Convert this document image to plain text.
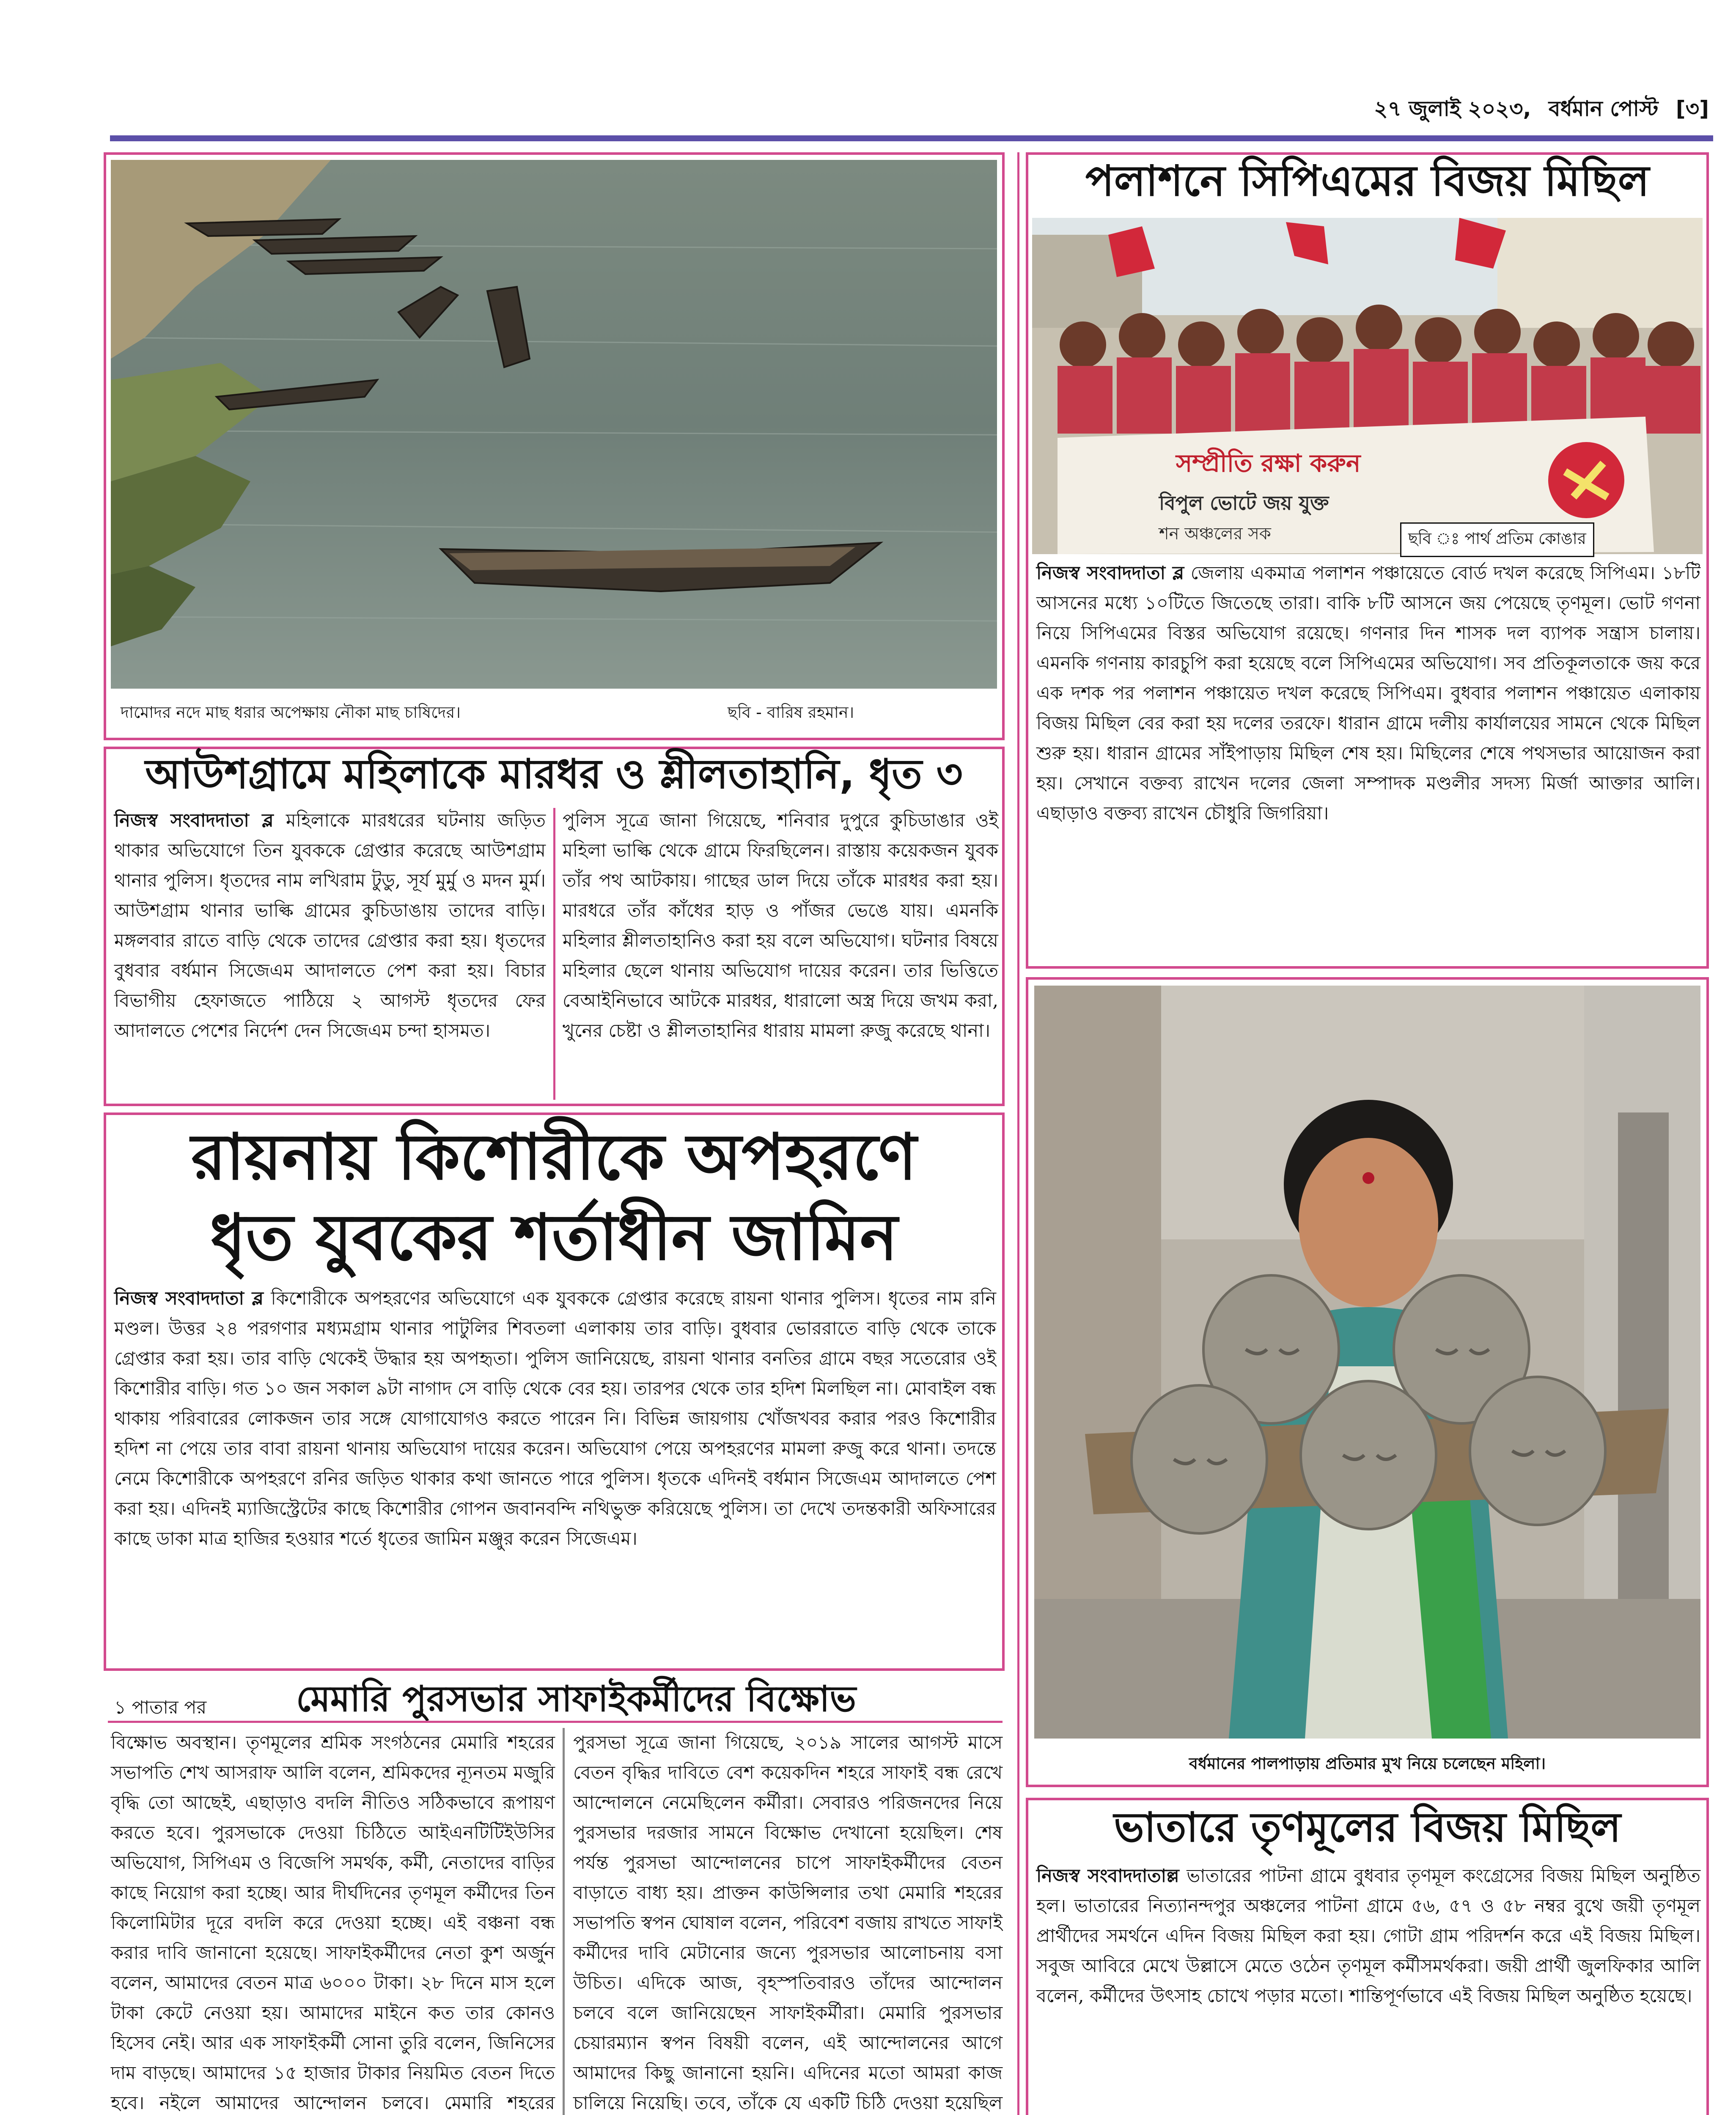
২৭ জুলাই ২০২৩, বর্ধমান পোস্ট [৩]
দামোদর নদে মাছ ধরার অপেক্ষায় নৌকা মাছ চাষিদের।	ছবি - বারিষ রহমান।
আউশগ্রামে মহিলাকে মারধর ও শ্লীলতাহানি, ধৃত ৩
নিজস্ব সংবাদদাতা ব্ল মহিলাকে মারধরের ঘটনায় জড়িত থাকার অভিযোগে তিন যুবককে গ্রেপ্তার করেছে আউশগ্রাম থানার পুলিস। ধৃতদের নাম লখিরাম টুডু, সূর্য মুর্মু ও মদন মুর্ম। আউশগ্রাম থানার ভাল্কি গ্রামের কুচিডাঙায় তাদের বাড়ি। মঙ্গলবার রাতে বাড়ি থেকে তাদের গ্রেপ্তার করা হয়। ধৃতদের বুধবার বর্ধমান সিজেএম আদালতে পেশ করা হয়। বিচার বিভাগীয় হেফাজতে পাঠিয়ে ২ আগস্ট ধৃতদের ফের আদালতে পেশের নির্দেশ দেন সিজেএম চন্দা হাসমত।
পুলিস সূত্রে জানা গিয়েছে, শনিবার দুপুরে কুচিডাঙার ওই মহিলা ভাল্কি থেকে গ্রামে ফিরছিলেন। রাস্তায় কয়েকজন যুবক তাঁর পথ আটকায়। গাছের ডাল দিয়ে তাঁকে মারধর করা হয়। মারধরে তাঁর কাঁধের হাড় ও পাঁজর ভেঙে যায়। এমনকি মহিলার শ্লীলতাহানিও করা হয় বলে অভিযোগ। ঘটনার বিষয়ে মহিলার ছেলে থানায় অভিযোগ দায়ের করেন। তার ভিত্তিতে বেআইনিভাবে আটকে মারধর, ধারালো অস্ত্র দিয়ে জখম করা, খুনের চেষ্টা ও শ্লীলতাহানির ধারায় মামলা রুজু করেছে থানা।
রায়নায় কিশোরীকে অপহরণে
ধৃত যুবকের শর্তাধীন জামিন
নিজস্ব সংবাদদাতা ব্ল কিশোরীকে অপহরণের অভিযোগে এক যুবককে গ্রেপ্তার করেছে রায়না থানার পুলিস। ধৃতের নাম রনি মণ্ডল। উত্তর ২৪ পরগণার মধ্যমগ্রাম থানার পাটুলির শিবতলা এলাকায় তার বাড়ি। বুধবার ভোররাতে বাড়ি থেকে তাকে গ্রেপ্তার করা হয়। তার বাড়ি থেকেই উদ্ধার হয় অপহৃতা। পুলিস জানিয়েছে, রায়না থানার বনতির গ্রামে বছর সতেরোর ওই কিশোরীর বাড়ি। গত ১০ জন সকাল ৯টা নাগাদ সে বাড়ি থেকে বের হয়। তারপর থেকে তার হদিশ মিলছিল না। মোবাইল বন্ধ থাকায় পরিবারের লোকজন তার সঙ্গে যোগাযোগও করতে পারেন নি। বিভিন্ন জায়গায় খোঁজখবর করার পরও কিশোরীর হদিশ না পেয়ে তার বাবা রায়না থানায় অভিযোগ দায়ের করেন। অভিযোগ পেয়ে অপহরণের মামলা রুজু করে থানা। তদন্তে নেমে কিশোরীকে অপহরণে রনির জড়িত থাকার কথা জানতে পারে পুলিস। ধৃতকে এদিনই বর্ধমান সিজেএম আদালতে পেশ করা হয়। এদিনই ম্যাজিস্ট্রেটের কাছে কিশোরীর গোপন জবানবন্দি নথিভুক্ত করিয়েছে পুলিস। তা দেখে তদন্তকারী অফিসারের কাছে ডাকা মাত্র হাজির হওয়ার শর্তে ধৃতের জামিন মঞ্জুর করেন সিজেএম।
১ পাতার পর	মেমারি পুরসভার সাফাইকর্মীদের বিক্ষোভ
বিক্ষোভ অবস্থান। তৃণমূলের শ্রমিক সংগঠনের মেমারি শহরের সভাপতি শেখ আসরাফ আলি বলেন, শ্রমিকদের ন্যূনতম মজুরি বৃদ্ধি তো আছেই, এছাড়াও বদলি নীতিও সঠিকভাবে রূপায়ণ করতে হবে। পুরসভাকে দেওয়া চিঠিতে আইএনটিটিইউসির অভিযোগ, সিপিএম ও বিজেপি সমর্থক, কর্মী, নেতাদের বাড়ির কাছে নিয়োগ করা হচ্ছে। আর দীর্ঘদিনের তৃণমূল কর্মীদের তিন কিলোমিটার দূরে বদলি করে দেওয়া হচ্ছে। এই বঞ্চনা বন্ধ করার দাবি জানানো হয়েছে। সাফাইকর্মীদের নেতা কুশ অর্জুন বলেন, আমাদের বেতন মাত্র ৬০০০ টাকা। ২৮ দিনে মাস হলে টাকা কেটে নেওয়া হয়। আমাদের মাইনে কত তার কোনও হিসেব নেই। আর এক সাফাইকর্মী সোনা তুরি বলেন, জিনিসের দাম বাড়ছে। আমাদের ১৫ হাজার টাকার নিয়মিত বেতন দিতে হবে। নইলে আমাদের আন্দোলন চলবে। মেমারি শহরের
পুরসভা সূত্রে জানা গিয়েছে, ২০১৯ সালের আগস্ট মাসে বেতন বৃদ্ধির দাবিতে বেশ কয়েকদিন শহরে সাফাই বন্ধ রেখে আন্দোলনে নেমেছিলেন কর্মীরা। সেবারও পরিজনদের নিয়ে পুরসভার দরজার সামনে বিক্ষোভ দেখানো হয়েছিল। শেষ পর্যন্ত পুরসভা আন্দোলনের চাপে সাফাইকর্মীদের বেতন বাড়াতে বাধ্য হয়। প্রাক্তন কাউন্সিলার তথা মেমারি শহরের সভাপতি স্বপন ঘোষাল বলেন, পরিবেশ বজায় রাখতে সাফাই কর্মীদের দাবি মেটানোর জন্যে পুরসভার আলোচনায় বসা উচিত। এদিকে আজ, বৃহস্পতিবারও তাঁদের আন্দোলন চলবে বলে জানিয়েছেন সাফাইকর্মীরা। মেমারি পুরসভার চেয়ারম্যান স্বপন বিষয়ী বলেন, এই আন্দোলনের আগে আমাদের কিছু জানানো হয়নি। এদিনের মতো আমরা কাজ চালিয়ে নিয়েছি। তবে, তাঁকে যে একটি চিঠি দেওয়া হয়েছিল
পলাশনে সিপিএমের বিজয় মিছিল
সম্প্রীতি রক্ষা করুন
বিপুল ভোটে জয় যুক্ত
শন অঞ্চলের সক	ছবি ঃ পার্থ প্রতিম কোঙার
নিজস্ব সংবাদদাতা ব্ল জেলায় একমাত্র পলাশন পঞ্চায়েতে বোর্ড দখল করেছে সিপিএম। ১৮টি আসনের মধ্যে ১০টিতে জিতেছে তারা। বাকি ৮টি আসনে জয় পেয়েছে তৃণমূল। ভোট গণনা নিয়ে সিপিএমের বিস্তর অভিযোগ রয়েছে। গণনার দিন শাসক দল ব্যাপক সন্ত্রাস চালায়। এমনকি গণনায় কারচুপি করা হয়েছে বলে সিপিএমের অভিযোগ। সব প্রতিকূলতাকে জয় করে এক দশক পর পলাশন পঞ্চায়েত দখল করেছে সিপিএম। বুধবার পলাশন পঞ্চায়েত এলাকায় বিজয় মিছিল বের করা হয় দলের তরফে। ধারান গ্রামে দলীয় কার্যালয়ের সামনে থেকে মিছিল শুরু হয়। ধারান গ্রামের সাঁইপাড়ায় মিছিল শেষ হয়। মিছিলের শেষে পথসভার আয়োজন করা হয়। সেখানে বক্তব্য রাখেন দলের জেলা সম্পাদক মণ্ডলীর সদস্য মির্জা আক্তার আলি। এছাড়াও বক্তব্য রাখেন চৌধুরি জিগরিয়া।
বর্ধমানের পালপাড়ায় প্রতিমার মুখ নিয়ে চলেছেন মহিলা।
ভাতারে তৃণমূলের বিজয় মিছিল
নিজস্ব সংবাদদাতাল্ল ভাতারের পাটনা গ্রামে বুধবার তৃণমূল কংগ্রেসের বিজয় মিছিল অনুষ্ঠিত হল। ভাতারের নিত্যানন্দপুর অঞ্চলের পাটনা গ্রামে ৫৬, ৫৭ ও ৫৮ নম্বর বুথে জয়ী তৃণমূল প্রার্থীদের সমর্থনে এদিন বিজয় মিছিল করা হয়। গোটা গ্রাম পরিদর্শন করে এই বিজয় মিছিল। সবুজ আবিরে মেখে উল্লাসে মেতে ওঠেন তৃণমূল কর্মীসমর্থকরা। জয়ী প্রার্থী জুলফিকার আলি বলেন, কর্মীদের উৎসাহ চোখে পড়ার মতো। শান্তিপূর্ণভাবে এই বিজয় মিছিল অনুষ্ঠিত হয়েছে।
